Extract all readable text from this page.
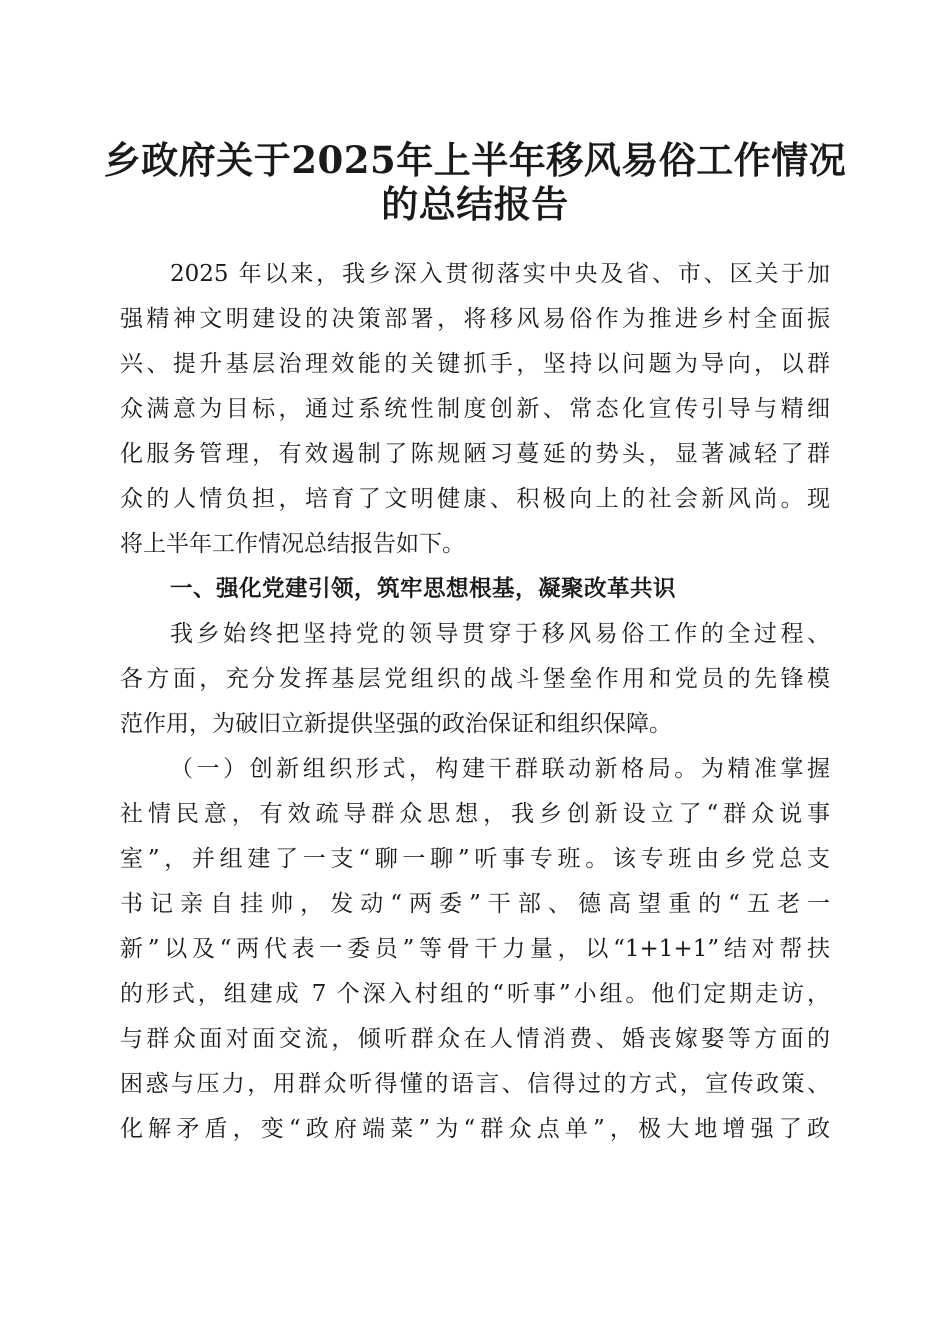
乡政府关于2025年上半年移风易俗工作情况
的总结报告
2025 年以来，我乡深入贯彻落实中央及省、市、区关于加
强精神文明建设的决策部署，将移风易俗作为推进乡村全面振
兴、提升基层治理效能的关键抓手，坚持以问题为导向，以群
众满意为目标，通过系统性制度创新、常态化宣传引导与精细
化服务管理，有效遏制了陈规陋习蔓延的势头，显著减轻了群
众的人情负担，培育了文明健康、积极向上的社会新风尚。现
将上半年工作情况总结报告如下。
一、强化党建引领，筑牢思想根基，凝聚改革共识
我乡始终把坚持党的领导贯穿于移风易俗工作的全过程、
各方面，充分发挥基层党组织的战斗堡垒作用和党员的先锋模
范作用，为破旧立新提供坚强的政治保证和组织保障。
（一）创新组织形式，构建干群联动新格局。为精准掌握
社情民意，有效疏导群众思想，我乡创新设立了“群众说事
室”，并组建了一支“聊一聊”听事专班。该专班由乡党总支
书记亲自挂帅，发动“两委”干部、德高望重的“五老一
新”以及“两代表一委员”等骨干力量，以“1+1+1”结对帮扶
的形式，组建成 7 个深入村组的“听事”小组。他们定期走访，
与群众面对面交流，倾听群众在人情消费、婚丧嫁娶等方面的
困惑与压力，用群众听得懂的语言、信得过的方式，宣传政策、
化解矛盾，变“政府端菜”为“群众点单”，极大地增强了政
